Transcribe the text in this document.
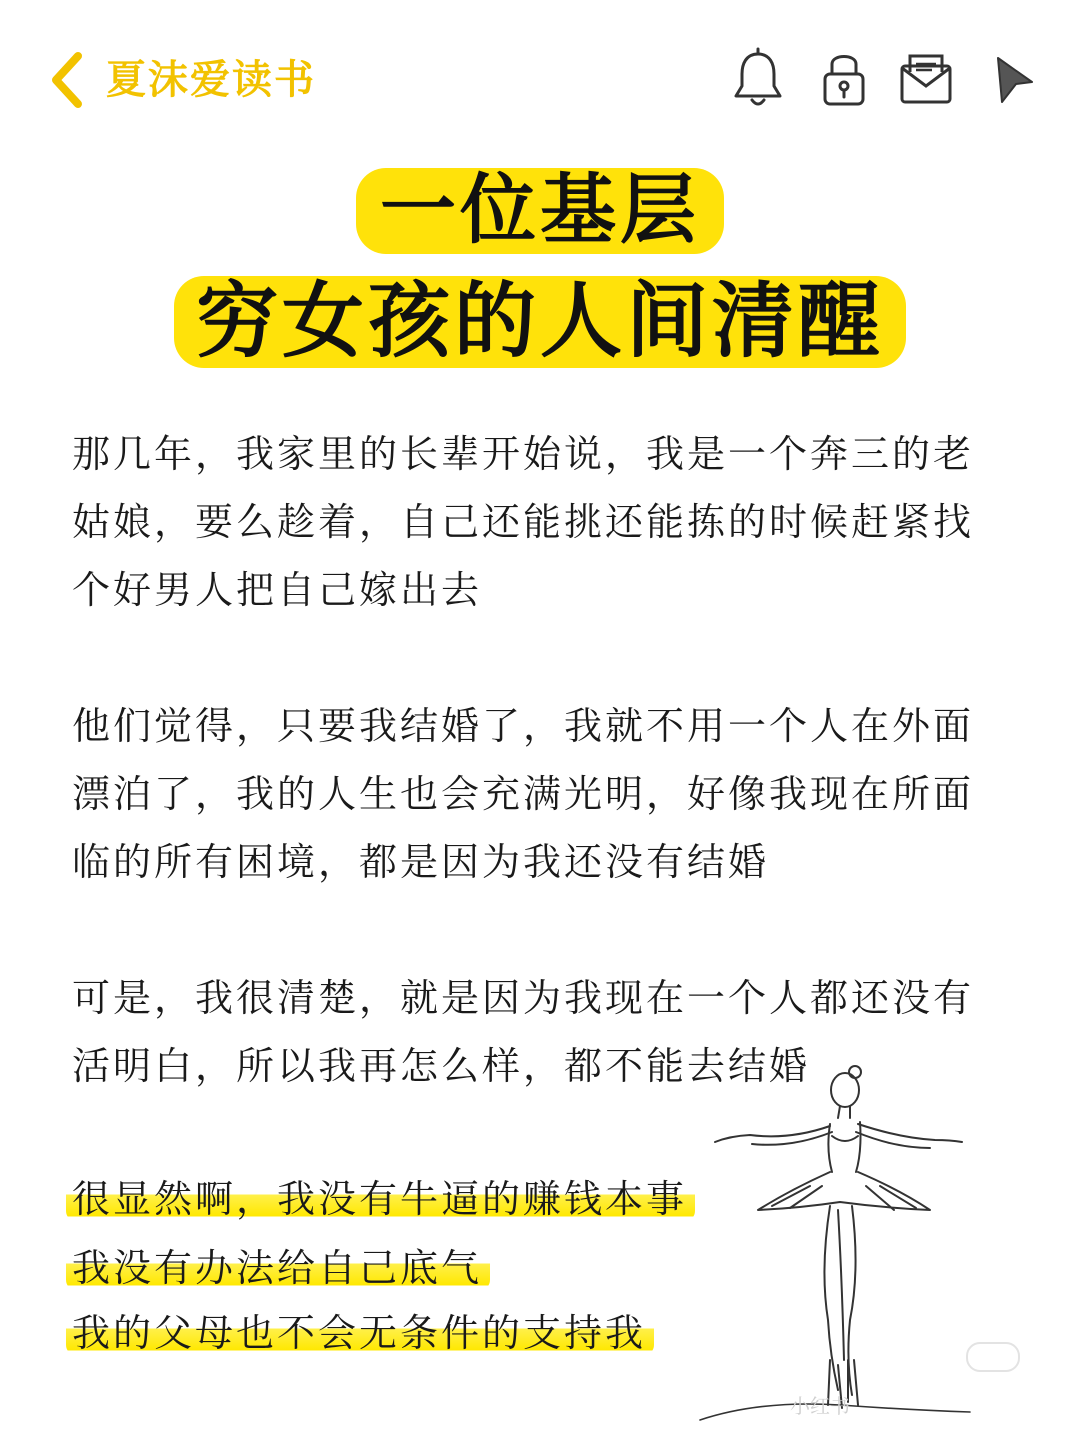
夏沫爱读书
一位基层
穷女孩的人间清醒

那几年，我家里的长辈开始说，我是一个奔三的老姑娘，要么趁着，自己还能挑还能拣的时候赶紧找个好男人把自己嫁出去

他们觉得，只要我结婚了，我就不用一个人在外面漂泊了，我的人生也会充满光明，好像我现在所面临的所有困境，都是因为我还没有结婚

可是，我很清楚，就是因为我现在一个人都还没有活明白，所以我再怎么样，都不能去结婚

很显然啊，我没有牛逼的赚钱本事
我没有办法给自己底气
我的父母也不会无条件的支持我
小红书
